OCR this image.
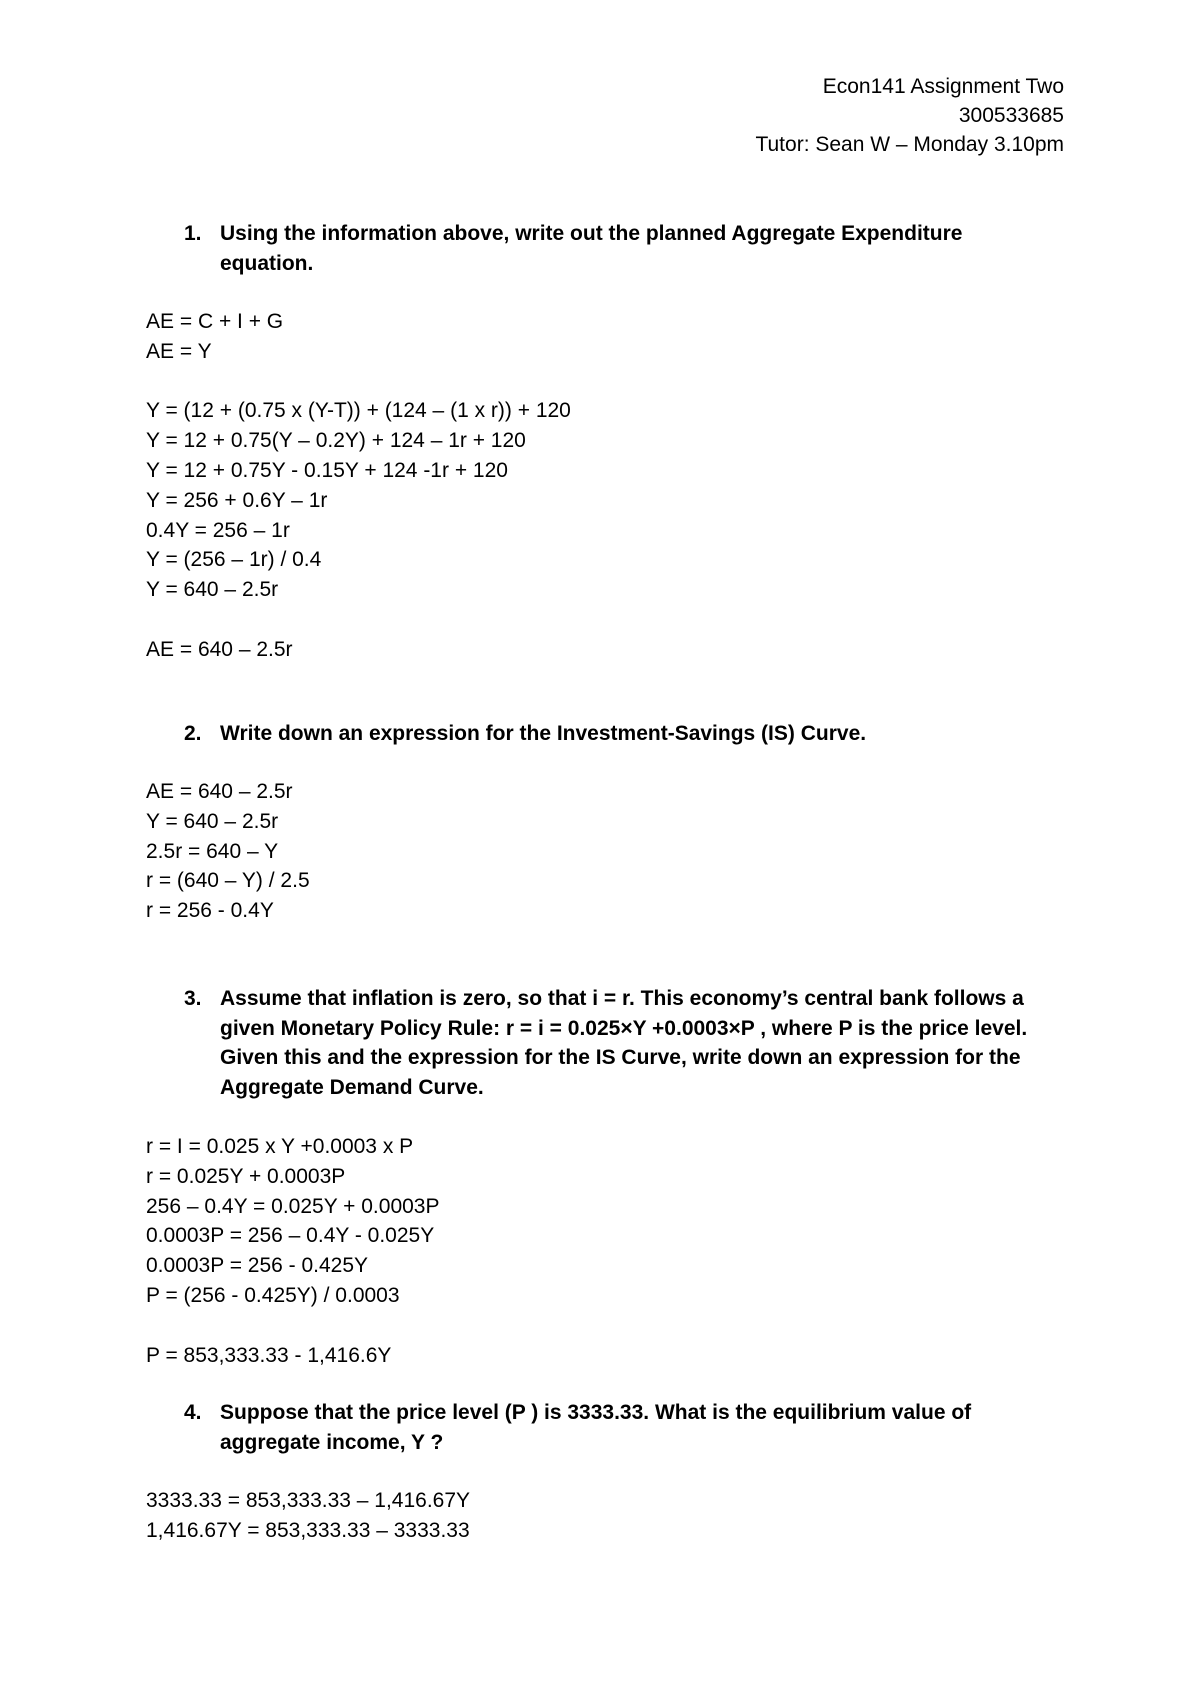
Econ141 Assignment Two
300533685
Tutor: Sean W – Monday 3.10pm
1. Using the information above, write out the planned Aggregate Expenditure equation.
AE = C + I + G
AE = Y
Y = (12 + (0.75 x (Y-T)) + (124 – (1 x r)) + 120
Y = 12 + 0.75(Y – 0.2Y) + 124 – 1r + 120
Y = 12 + 0.75Y - 0.15Y + 124 -1r + 120
Y = 256 + 0.6Y – 1r
0.4Y = 256 – 1r
Y = (256 – 1r) / 0.4
Y = 640 – 2.5r
AE = 640 – 2.5r
2. Write down an expression for the Investment-Savings (IS) Curve.
AE = 640 – 2.5r
Y = 640 – 2.5r
2.5r = 640 – Y
r = (640 – Y) / 2.5
r = 256 - 0.4Y
3. Assume that inflation is zero, so that i = r. This economy’s central bank follows a given Monetary Policy Rule: r = i = 0.025×Y +0.0003×P , where P is the price level. Given this and the expression for the IS Curve, write down an expression for the Aggregate Demand Curve.
r = I = 0.025 x Y +0.0003 x P
r = 0.025Y + 0.0003P
256 – 0.4Y = 0.025Y + 0.0003P
0.0003P = 256 – 0.4Y - 0.025Y
0.0003P = 256 - 0.425Y
P = (256 - 0.425Y) / 0.0003
P = 853,333.33 - 1,416.6Y
4. Suppose that the price level (P ) is 3333.33. What is the equilibrium value of aggregate income, Y ?
3333.33 = 853,333.33 – 1,416.67Y
1,416.67Y = 853,333.33 – 3333.33
